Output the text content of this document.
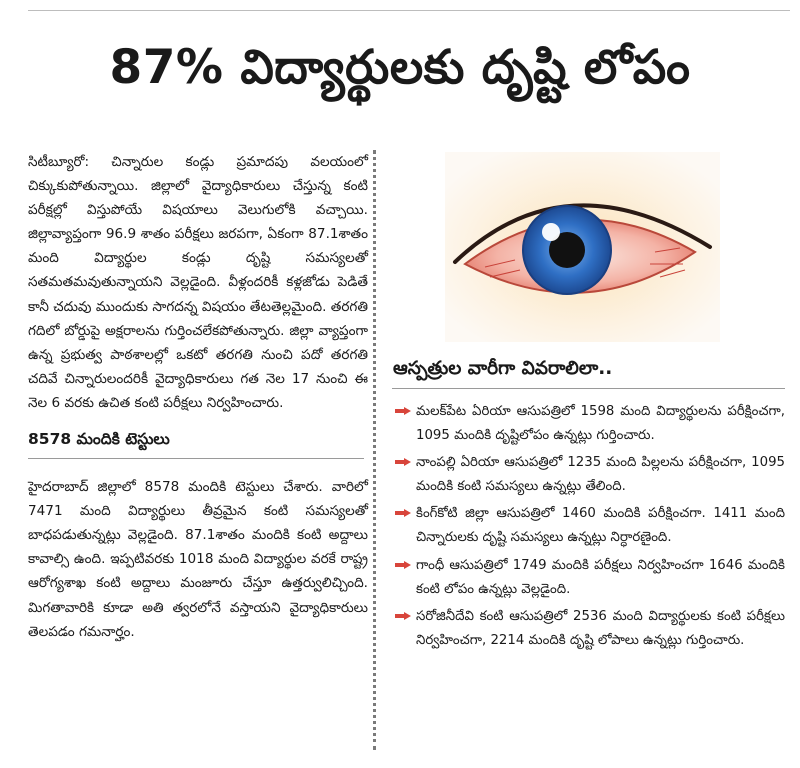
87% విద్యార్థులకు దృష్టి లోపం

సిటీబ్యూరో: చిన్నారుల కండ్లు ప్రమాదపు వలయంలో చిక్కుకుపోతున్నాయి. జిల్లాలో వైద్యాధికారులు చేస్తున్న కంటి పరీక్షల్లో విస్తుపోయే విషయాలు వెలుగులోకి వచ్చాయి. జిల్లావ్యాప్తంగా 96.9 శాతం పరీక్షలు జరపగా, ఏకంగా 87.1శాతం మంది విద్యార్థుల కండ్లు దృష్టి సమస్యలతో సతమతమవుతున్నాయని వెల్లడైంది. వీళ్లందరికీ కళ్లజోడు పెడితే కానీ చదువు ముందుకు సాగదన్న విషయం తేటతెల్లమైంది. తరగతి గదిలో బోర్డుపై అక్షరాలను గుర్తించలేకపోతున్నారు. జిల్లా వ్యాప్తంగా ఉన్న ప్రభుత్వ పాఠశాలల్లో ఒకటో తరగతి నుంచి పదో తరగతి చదివే చిన్నారులందరికీ వైద్యాధికారులు గత నెల 17 నుంచి ఈ నెల 6 వరకు ఉచిత కంటి పరీక్షలు నిర్వహించారు.

8578 మందికి టెస్టులు

హైదరాబాద్ జిల్లాలో 8578 మందికి టెస్టులు చేశారు. వారిలో 7471 మంది విద్యార్థులు తీవ్రమైన కంటి సమస్యలతో బాధపడుతున్నట్లు వెల్లడైంది. 87.1శాతం మందికి కంటి అద్దాలు కావాల్సి ఉంది. ఇప్పటివరకు 1018 మంది విద్యార్థుల వరకే రాష్ట్ర ఆరోగ్యశాఖ కంటి అద్దాలు మంజూరు చేస్తూ ఉత్తర్వులిచ్చింది. మిగతావారికి కూడా అతి త్వరలోనే వస్తాయని వైద్యాధికారులు తెలపడం గమనార్హం.

ఆస్పత్రుల వారీగా వివరాలిలా..
మలక్‌పేట ఏరియా ఆసుపత్రిలో 1598 మంది విద్యార్థులను పరీక్షించగా, 1095 మందికి దృష్టిలోపం ఉన్నట్లు గుర్తించారు.
నాంపల్లి ఏరియా ఆసుపత్రిలో 1235 మంది పిల్లలను పరీక్షించగా, 1095 మందికి కంటి సమస్యలు ఉన్నట్లు తేలింది.
కింగ్‌కోటి జిల్లా ఆసుపత్రిలో 1460 మందికి పరీక్షించగా. 1411 మంది చిన్నారులకు దృష్టి సమస్యలు ఉన్నట్లు నిర్ధారణైంది.
గాంధీ ఆసుపత్రిలో 1749 మందికి పరీక్షలు నిర్వహించగా 1646 మందికి కంటి లోపం ఉన్నట్లు వెల్లడైంది.
సరోజినీదేవి కంటి ఆసుపత్రిలో 2536 మంది విద్యార్థులకు కంటి పరీక్షలు నిర్వహించగా, 2214 మందికి దృష్టి లోపాలు ఉన్నట్లు గుర్తించారు.
